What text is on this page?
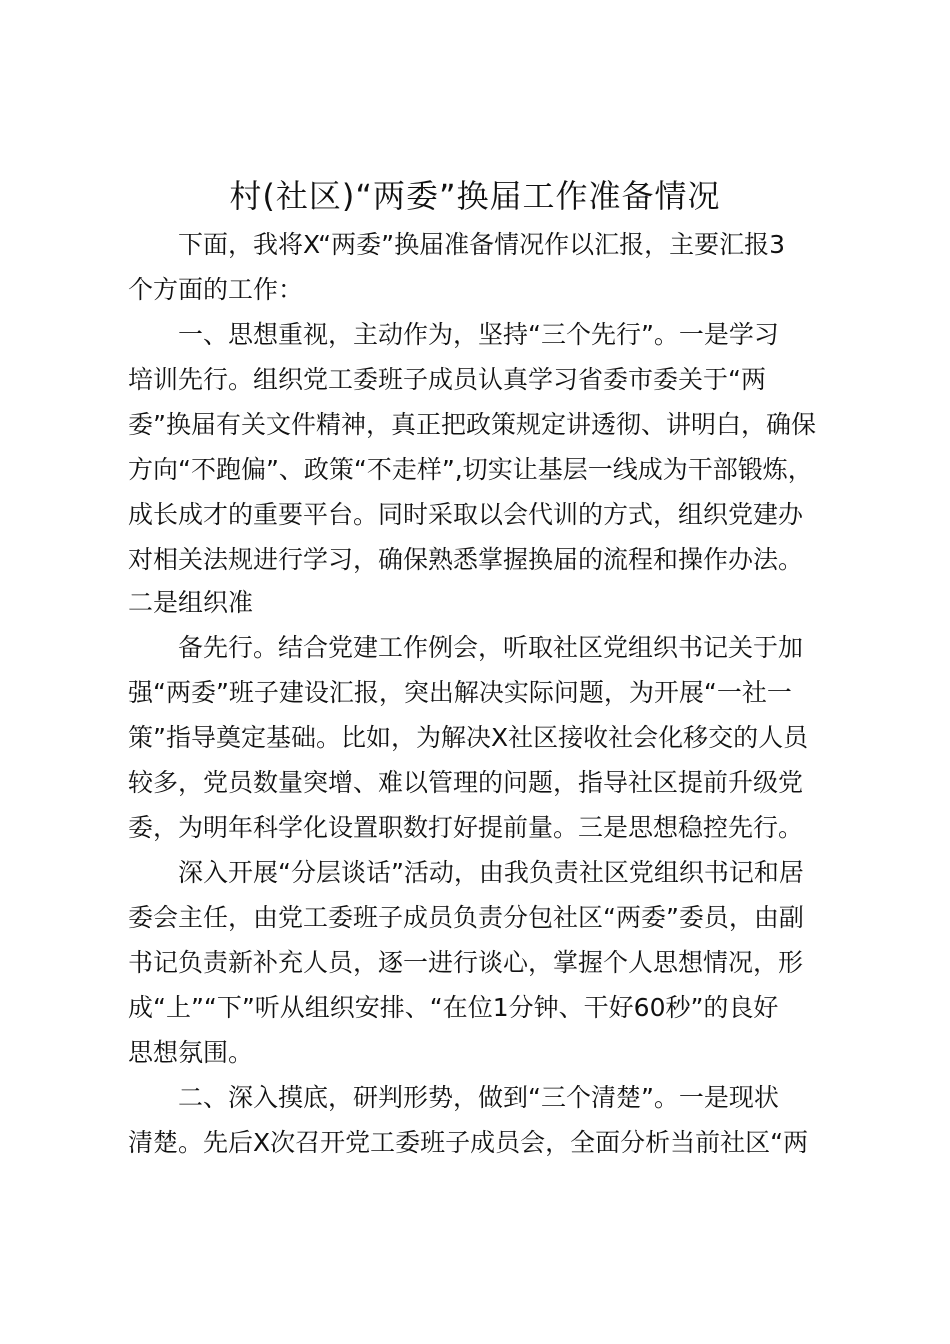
村(社区)“两委”换届工作准备情况
下面，我将X“两委”换届准备情况作以汇报，主要汇报3
个方面的工作：
一、思想重视，主动作为，坚持“三个先行”。一是学习
培训先行。组织党工委班子成员认真学习省委市委关于“两
委”换届有关文件精神，真正把政策规定讲透彻、讲明白，确保
方向“不跑偏”、政策“不走样”,切实让基层一线成为干部锻炼，
成长成才的重要平台。同时采取以会代训的方式，组织党建办
对相关法规进行学习，确保熟悉掌握换届的流程和操作办法。
二是组织准
备先行。结合党建工作例会，听取社区党组织书记关于加
强“两委”班子建设汇报，突出解决实际问题，为开展“一社一
策”指导奠定基础。比如，为解决X社区接收社会化移交的人员
较多，党员数量突增、难以管理的问题，指导社区提前升级党
委，为明年科学化设置职数打好提前量。三是思想稳控先行。
深入开展“分层谈话”活动，由我负责社区党组织书记和居
委会主任，由党工委班子成员负责分包社区“两委”委员，由副
书记负责新补充人员，逐一进行谈心，掌握个人思想情况，形
成“上”“下”听从组织安排、“在位1分钟、干好60秒”的良好
思想氛围。
二、深入摸底，研判形势，做到“三个清楚”。一是现状
清楚。先后X次召开党工委班子成员会，全面分析当前社区“两
